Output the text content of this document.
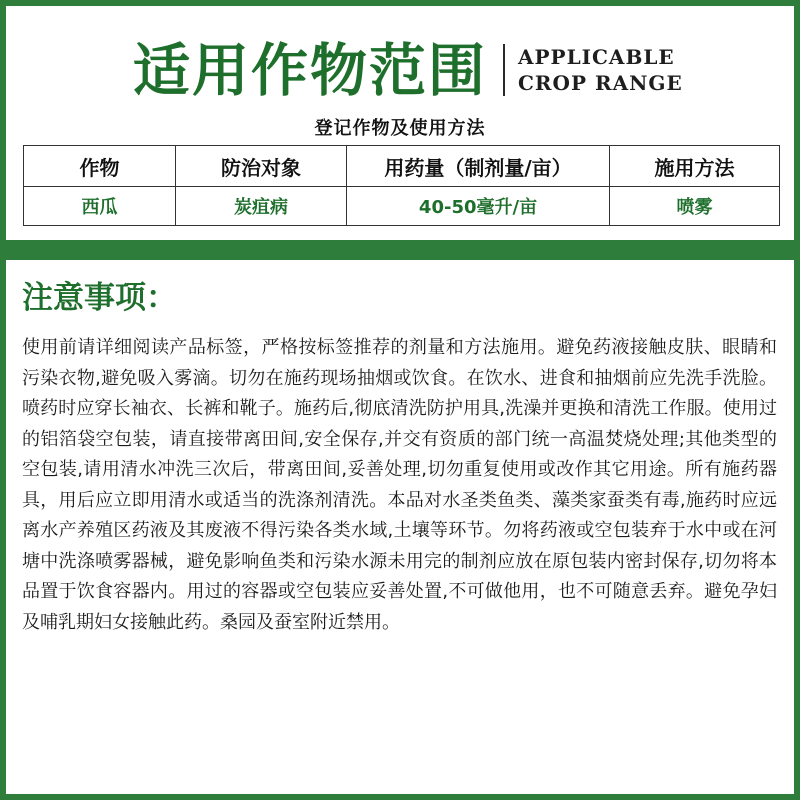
适用作物范围 APPLICABLE
CROP RANGE
登记作物及使用方法
作物	防治对象	用药量（制剂量/亩）	施用方法
西瓜	炭疽病	40-50毫升/亩	喷雾
注意事项：
使用前请详细阅读产品标签，严格按标签推荐的剂量和方法施用。避免药液接触皮肤、眼睛和污染衣物,避免吸入雾滴。切勿在施药现场抽烟或饮食。在饮水、进食和抽烟前应先洗手洗脸。喷药时应穿长袖衣、长裤和靴子。施药后,彻底清洗防护用具,洗澡并更换和清洗工作服。使用过的铝箔袋空包装，请直接带离田间,安全保存,并交有资质的部门统一高温焚烧处理;其他类型的空包装,请用清水冲洗三次后，带离田间,妥善处理,切勿重复使用或改作其它用途。所有施药器具，用后应立即用清水或适当的洗涤剂清洗。本品对水圣类鱼类、藻类家蚕类有毒,施药时应远离水产养殖区药液及其废液不得污染各类水域,土壤等环节。勿将药液或空包装弃于水中或在河塘中洗涤喷雾器械，避免影响鱼类和污染水源未用完的制剂应放在原包装内密封保存,切勿将本品置于饮食容器内。用过的容器或空包装应妥善处置,不可做他用，也不可随意丢弃。避免孕妇及哺乳期妇女接触此药。桑园及蚕室附近禁用。
